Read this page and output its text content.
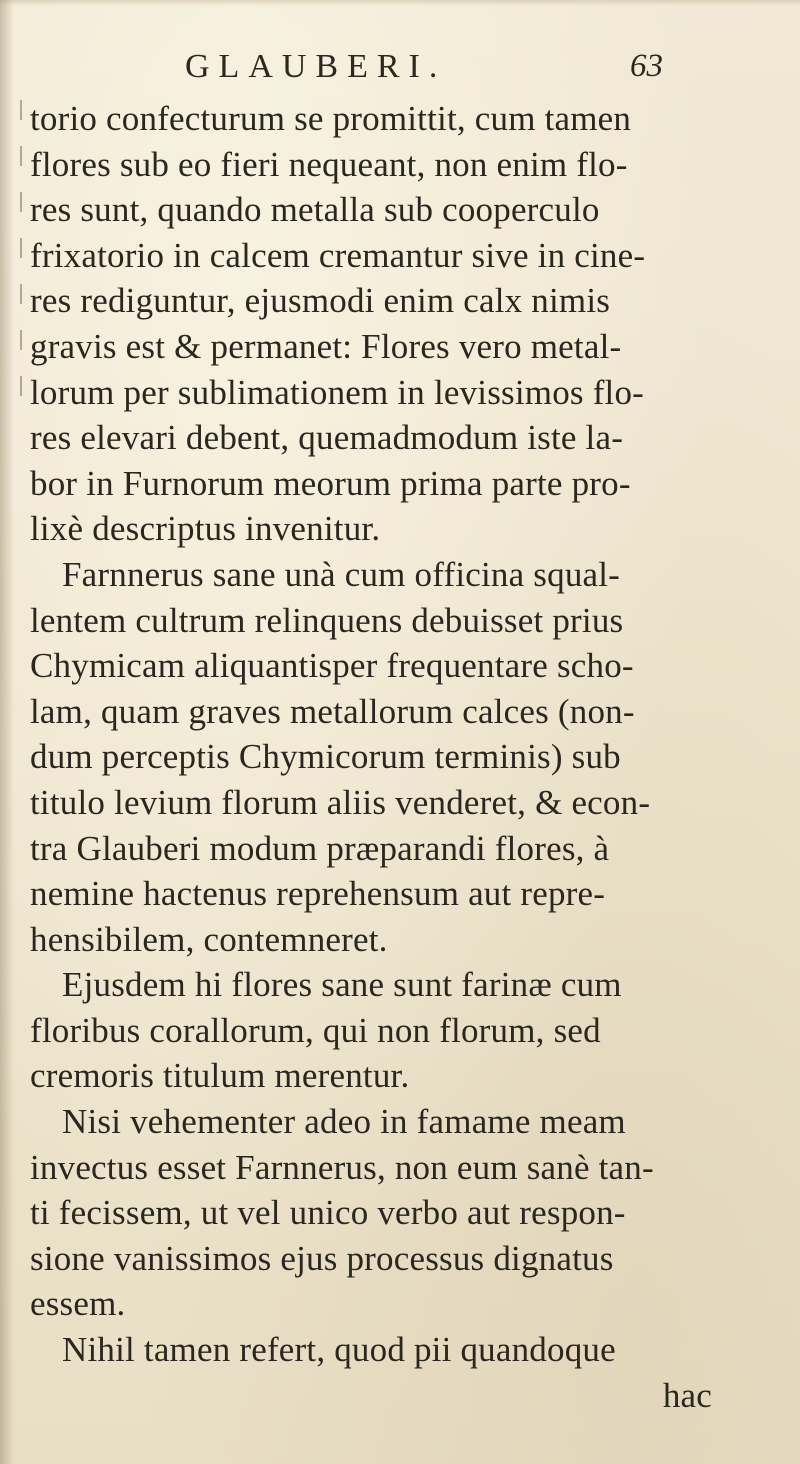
GLAUBERI.	63
torio confecturum se promittit, cum tamen
flores sub eo fieri nequeant, non enim flo-
res sunt, quando metalla sub cooperculo
frixatorio in calcem cremantur sive in cine-
res rediguntur, ejusmodi enim calx nimis
gravis est & permanet: Flores vero metal-
lorum per sublimationem in levissimos flo-
res elevari debent, quemadmodum iste la-
bor in Furnorum meorum prima parte pro-
lixè descriptus invenitur.
Farnnerus sane unà cum officina squal-
lentem cultrum relinquens debuisset prius
Chymicam aliquantisper frequentare scho-
lam, quam graves metallorum calces (non-
dum perceptis Chymicorum terminis) sub
titulo levium florum aliis venderet, & econ-
tra Glauberi modum præparandi flores, à
nemine hactenus reprehensum aut repre-
hensibilem, contemneret.
Ejusdem hi flores sane sunt farinæ cum
floribus corallorum, qui non florum, sed
cremoris titulum merentur.
Nisi vehementer adeo in famame meam
invectus esset Farnnerus, non eum sanè tan-
ti fecissem, ut vel unico verbo aut respon-
sione vanissimos ejus processus dignatus
essem.
Nihil tamen refert, quod pii quandoque
hac
